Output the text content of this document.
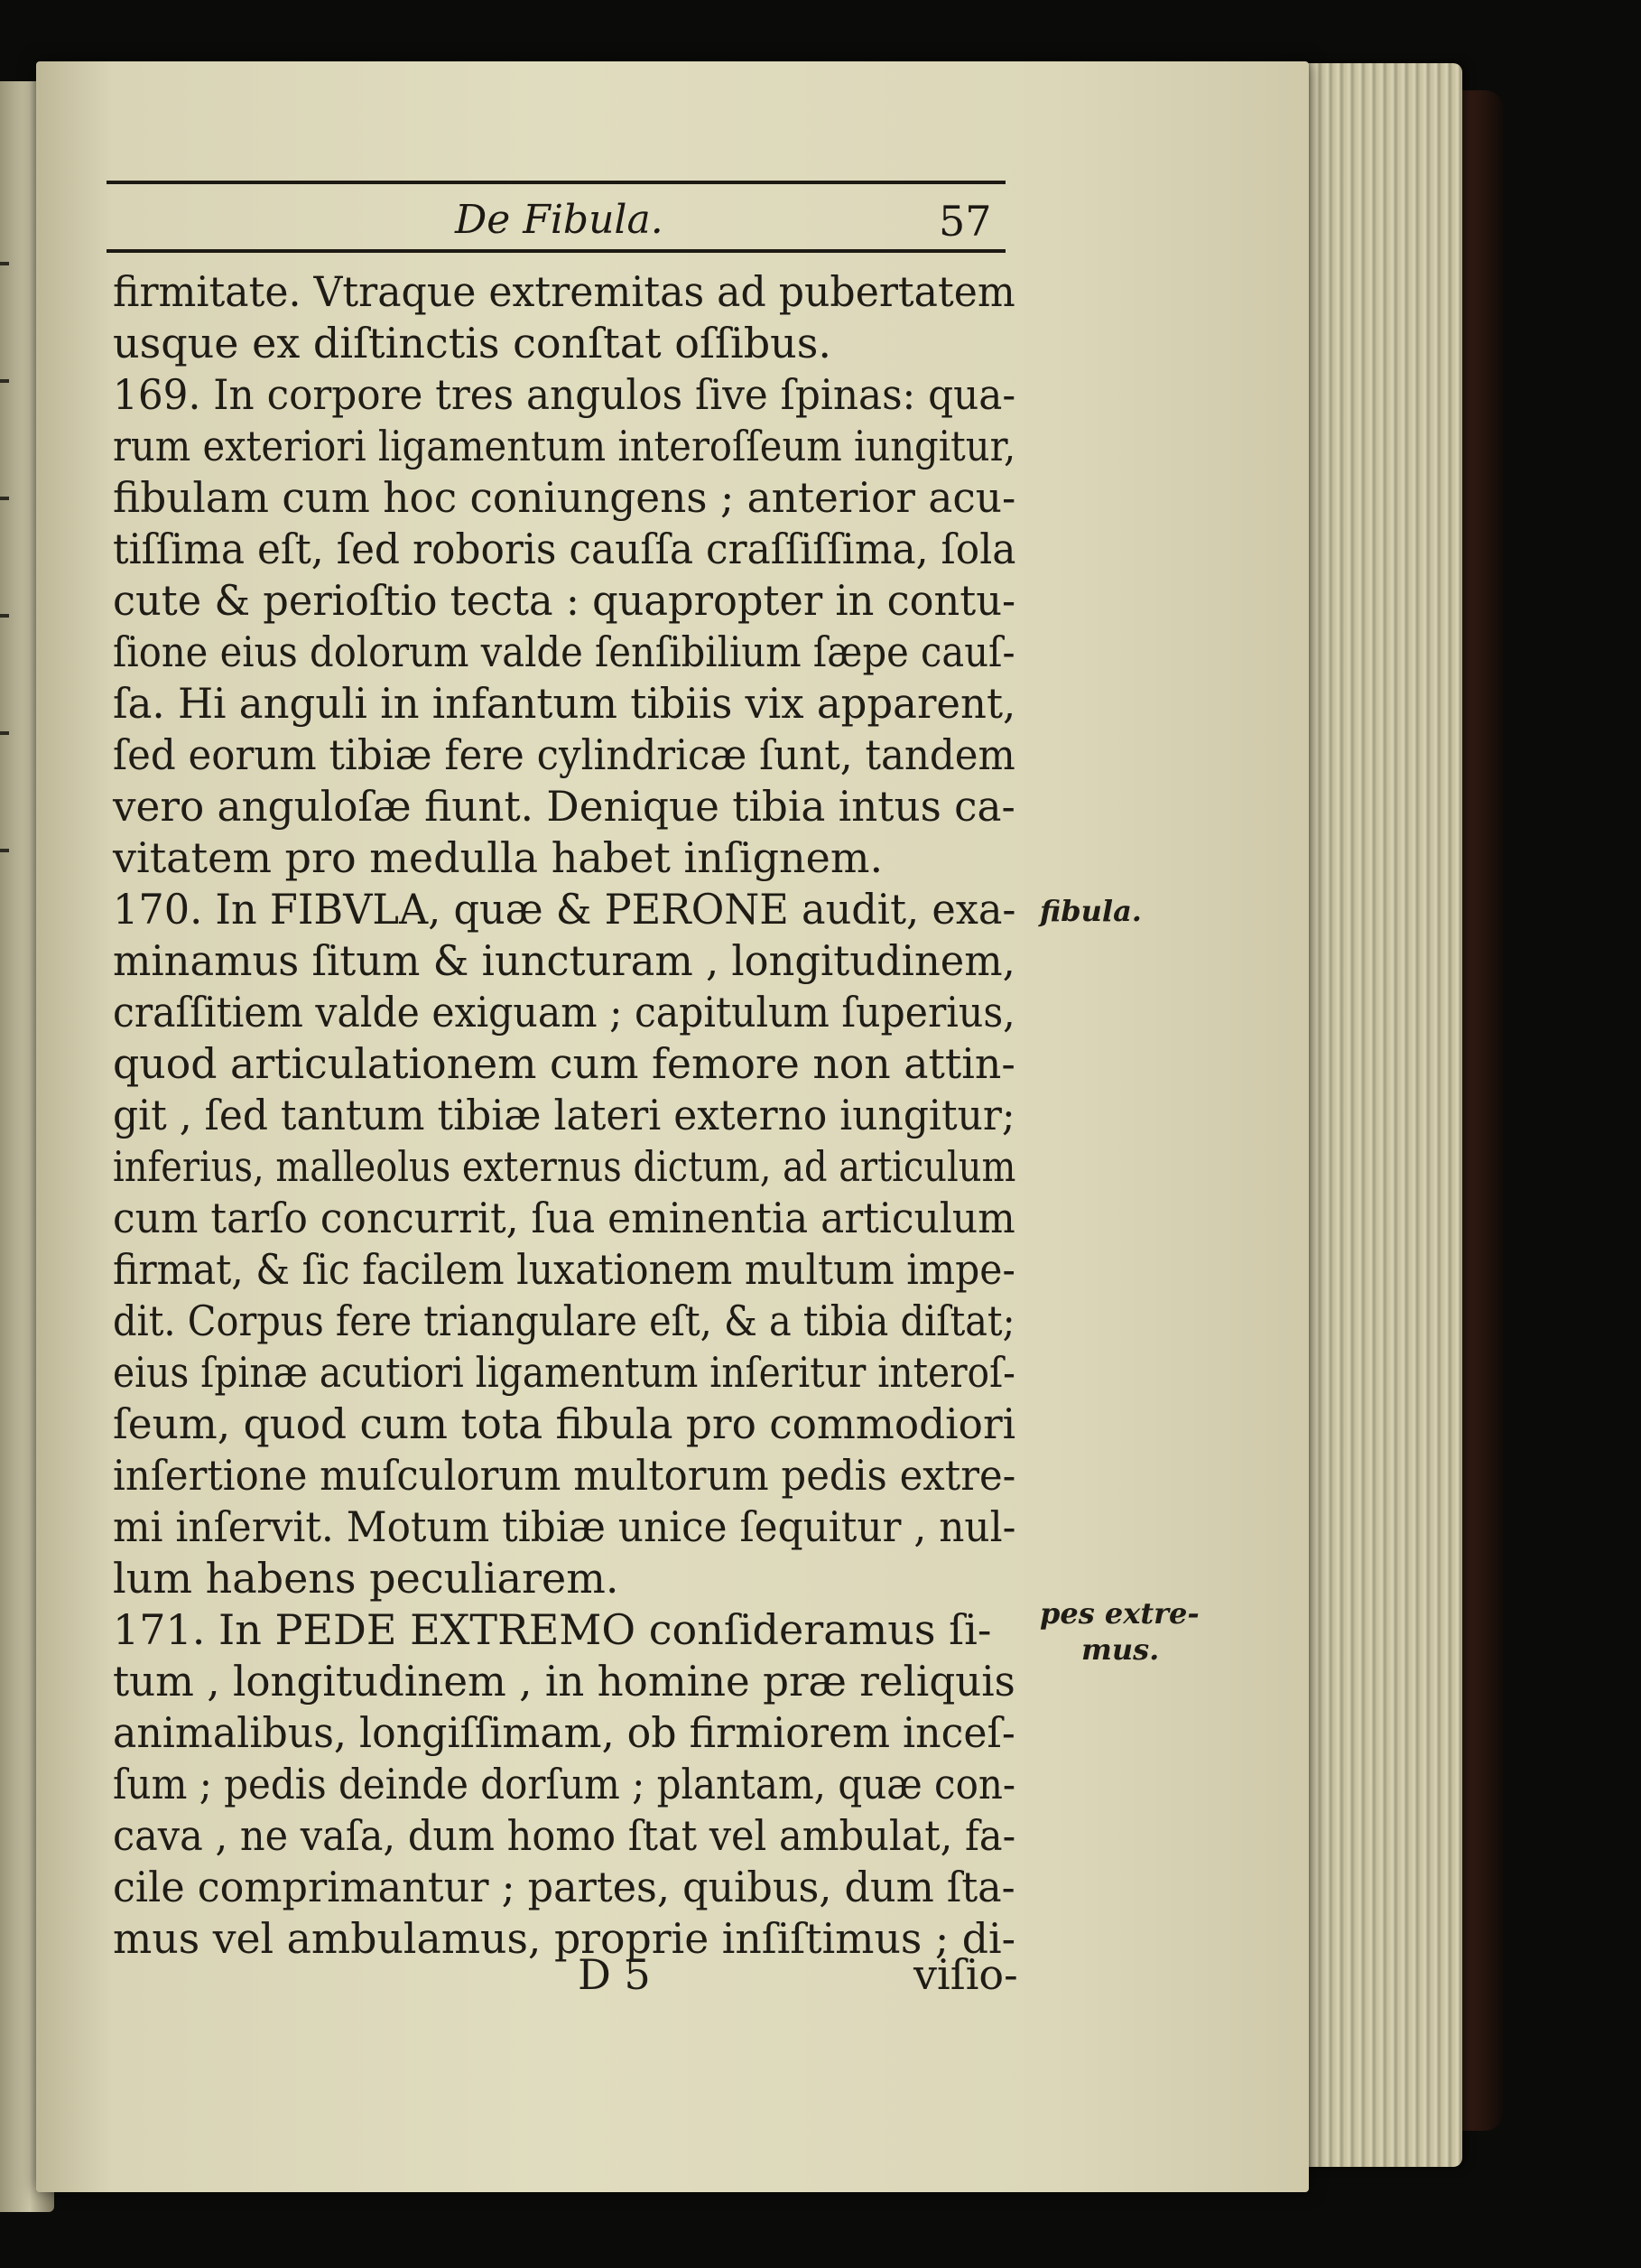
De Fibula.	57
firmitate. Vtraque extremitas ad pubertatem
usque ex diſtinctis conſtat oſſibus.
169. In corpore tres angulos ſive ſpinas: qua-
rum exteriori ligamentum interoſſeum iungitur,
fibulam cum hoc coniungens ; anterior acu-
tiſſima eſt, ſed roboris cauſſa craſſiſſima, ſola
cute & perioſtio tecta : quapropter in contu-
ſione eius dolorum valde ſenſibilium ſæpe cauſ-
ſa. Hi anguli in infantum tibiis vix apparent,
ſed eorum tibiæ fere cylindricæ ſunt, tandem
vero anguloſæ fiunt. Denique tibia intus ca-
vitatem pro medulla habet inſignem.
170. In FIBVLA, quæ & PERONE audit, exa-
minamus ſitum & iuncturam , longitudinem,
craſſitiem valde exiguam ; capitulum ſuperius,
quod articulationem cum femore non attin-
git , ſed tantum tibiæ lateri externo iungitur;
inferius, malleolus externus dictum, ad articulum
cum tarſo concurrit, ſua eminentia articulum
firmat, & ſic facilem luxationem multum impe-
dit. Corpus fere triangulare eſt, & a tibia diſtat;
eius ſpinæ acutiori ligamentum inſeritur interoſ-
ſeum, quod cum tota fibula pro commodiori
inſertione muſculorum multorum pedis extre-
mi inſervit. Motum tibiæ unice ſequitur , nul-
lum habens peculiarem.
171. In PEDE EXTREMO conſideramus ſi-
tum , longitudinem , in homine præ reliquis
animalibus, longiſſimam, ob firmiorem inceſ-
ſum ; pedis deinde dorſum ; plantam, quæ con-
cava , ne vaſa, dum homo ſtat vel ambulat, fa-
cile comprimantur ; partes, quibus, dum ſta-
mus vel ambulamus, proprie inſiſtimus ; di-
fibula.
pes extre-
mus.
D 5	viſio-
